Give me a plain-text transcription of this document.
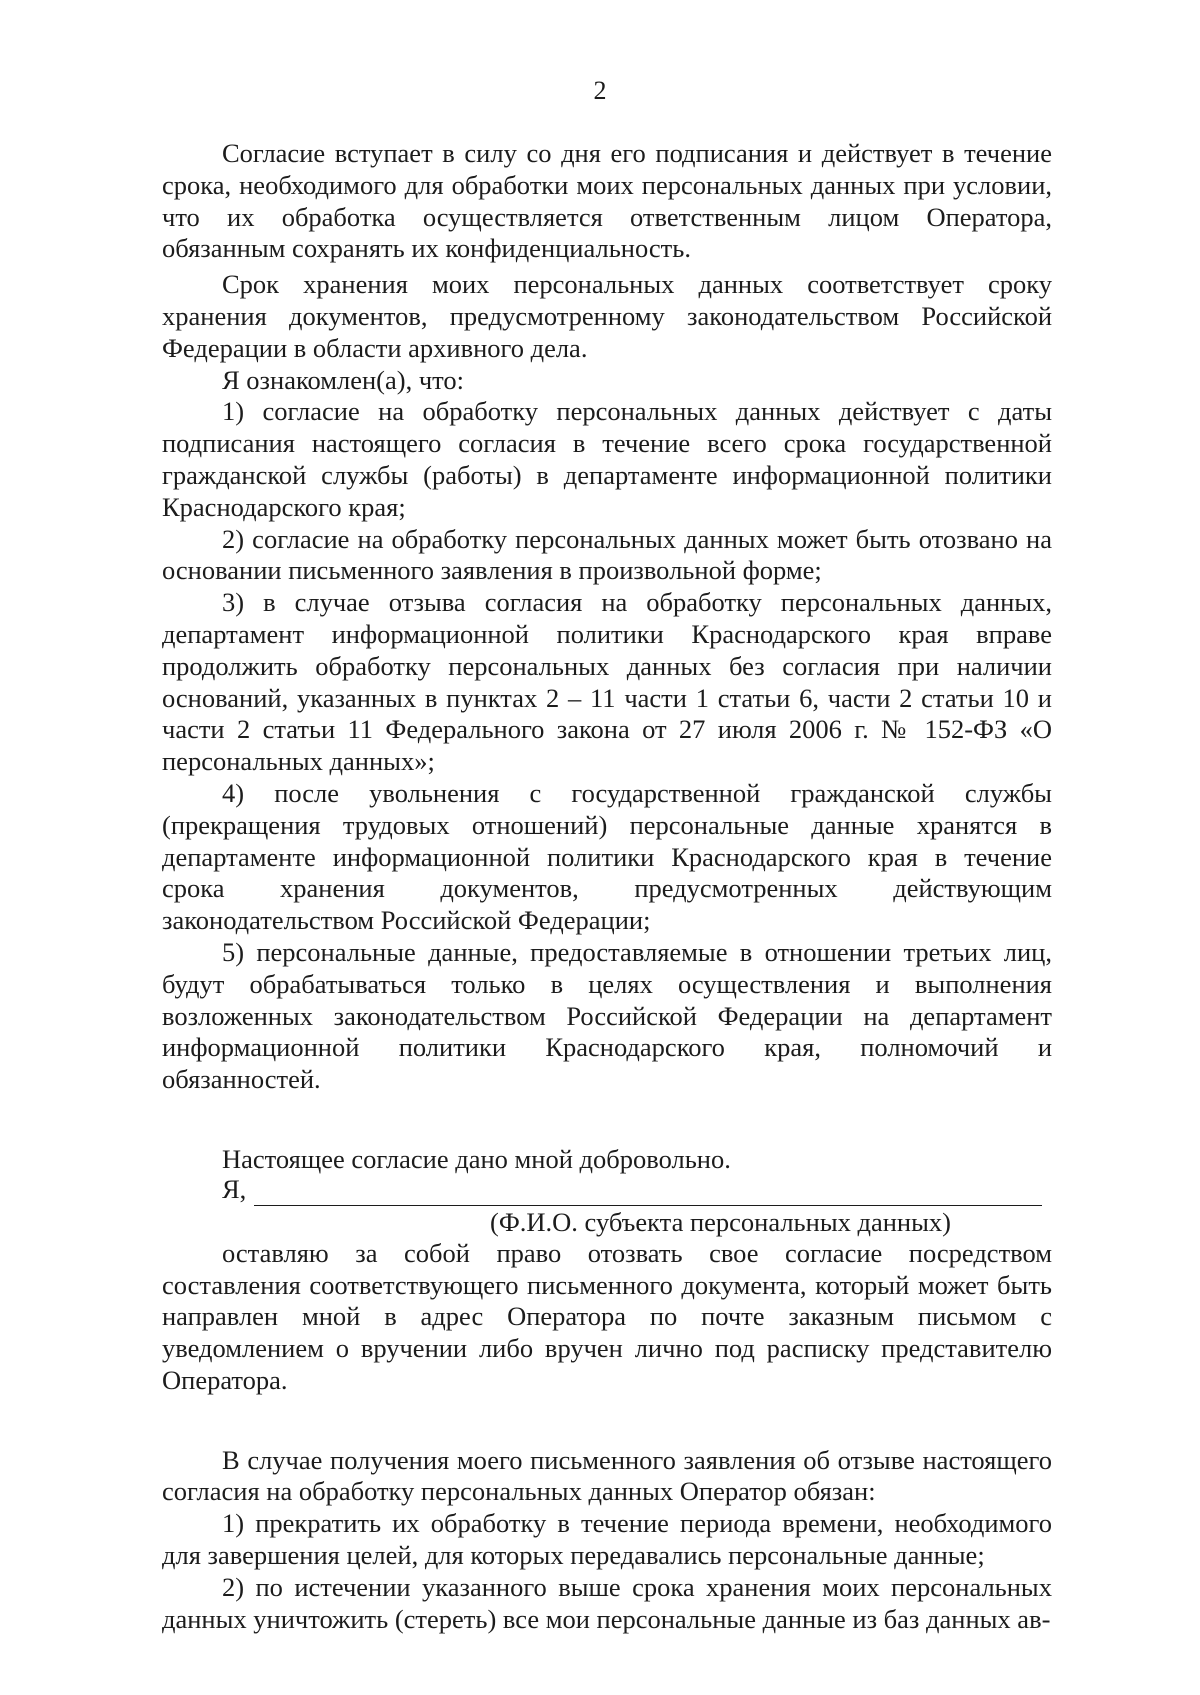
2

Согласие вступает в силу со дня его подписания и действует в течение срока, необходимого для обработки моих персональных данных при условии, что их обработка осуществляется ответственным лицом Оператора, обязанным сохранять их конфиденциальность.

Срок хранения моих персональных данных соответствует сроку хранения документов, предусмотренному законодательством Российской Федерации в области архивного дела.

Я ознакомлен(а), что:

1) согласие на обработку персональных данных действует с даты подписания настоящего согласия в течение всего срока государственной гражданской службы (работы) в департаменте информационной политики Краснодарского края;

2) согласие на обработку персональных данных может быть отозвано на основании письменного заявления в произвольной форме;

3) в случае отзыва согласия на обработку персональных данных, департамент информационной политики Краснодарского края вправе продолжить обработку персональных данных без согласия при наличии оснований, указанных в пунктах 2 – 11 части 1 статьи 6, части 2 статьи 10 и части 2 статьи 11 Федерального закона от 27 июля 2006 г. № 152-ФЗ «О персональных данных»;

4) после увольнения с государственной гражданской службы (прекращения трудовых отношений) персональные данные хранятся в департаменте информационной политики Краснодарского края в течение срока хранения документов, предусмотренных действующим законодательством Российской Федерации;

5) персональные данные, предоставляемые в отношении третьих лиц, будут обрабатываться только в целях осуществления и выполнения возложенных законодательством Российской Федерации на департамент информационной политики Краснодарского края, полномочий и обязанностей.

Настоящее согласие дано мной добровольно.

Я,
(Ф.И.О. субъекта персональных данных)

оставляю за собой право отозвать свое согласие посредством составления соответствующего письменного документа, который может быть направлен мной в адрес Оператора по почте заказным письмом с уведомлением о вручении либо вручен лично под расписку представителю Оператора.

В случае получения моего письменного заявления об отзыве настоящего согласия на обработку персональных данных Оператор обязан:

1) прекратить их обработку в течение периода времени, необходимого для завершения целей, для которых передавались персональные данные;

2) по истечении указанного выше срока хранения моих персональных данных уничтожить (стереть) все мои персональные данные из баз данных ав-
